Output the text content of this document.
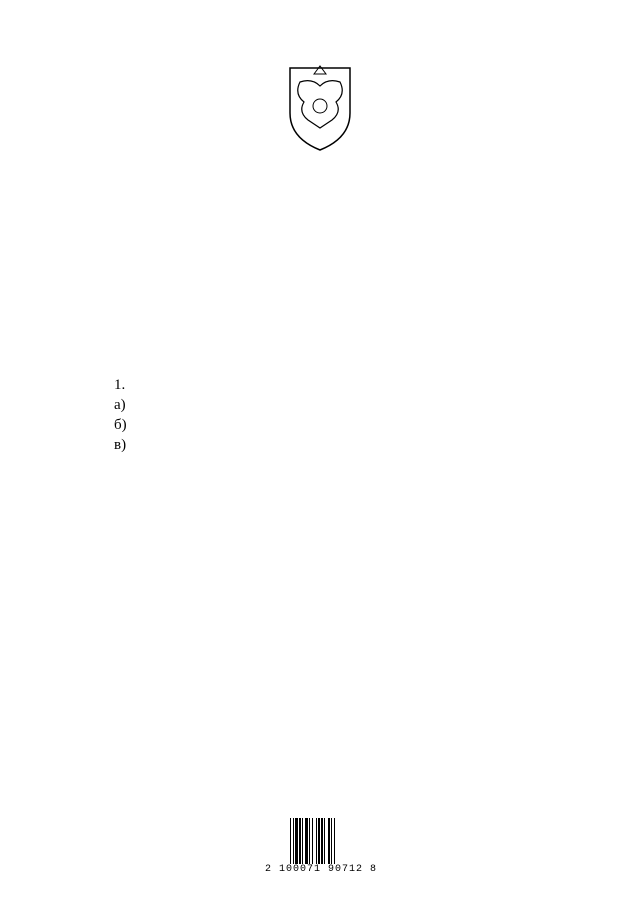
1.

а)

б)

в)

2 100071 90712 8
